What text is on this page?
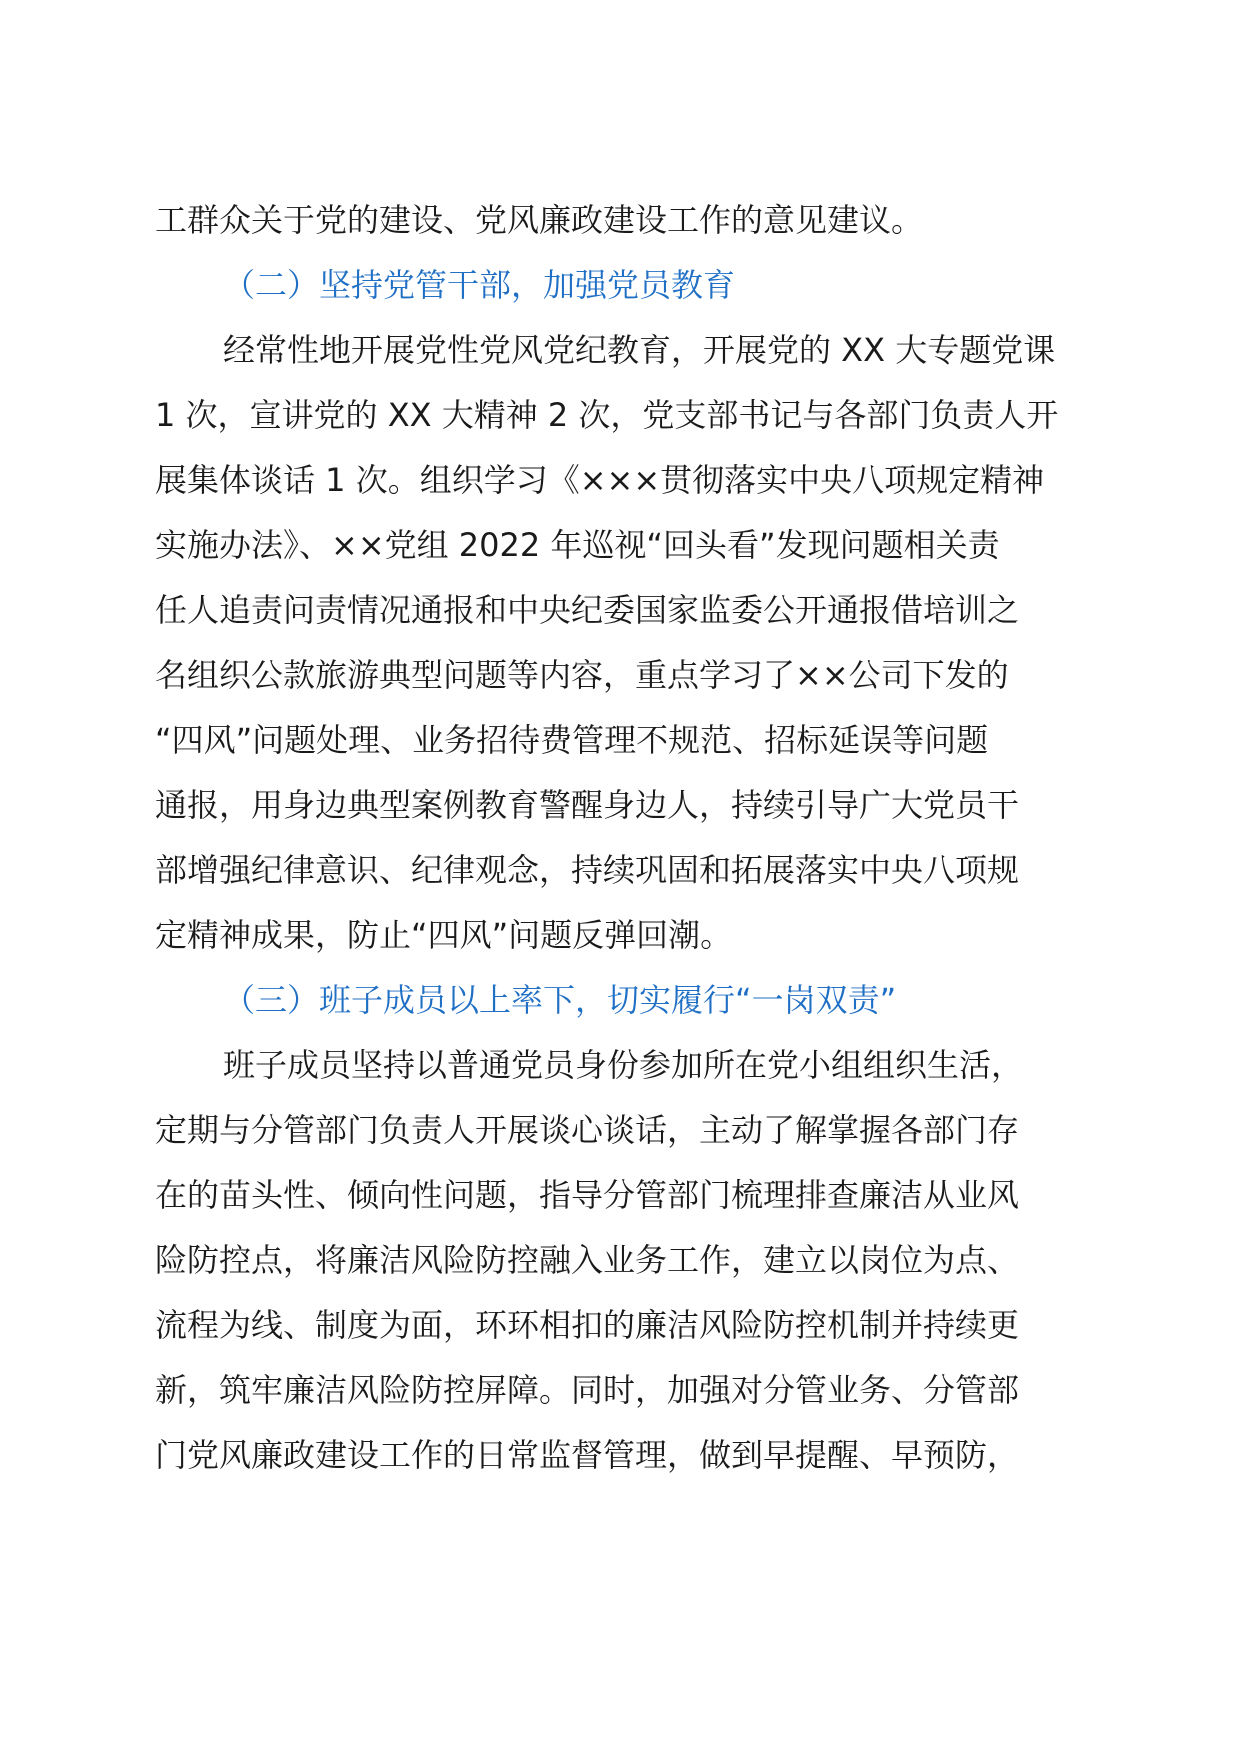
工群众关于党的建设、党风廉政建设工作的意见建议。

（二）坚持党管干部，加强党员教育

经常性地开展党性党风党纪教育，开展党的 XX 大专题党课
1 次，宣讲党的 XX 大精神 2 次，党支部书记与各部门负责人开
展集体谈话 1 次。组织学习《×××贯彻落实中央八项规定精神
实施办法》、××党组 2022 年巡视“回头看”发现问题相关责
任人追责问责情况通报和中央纪委国家监委公开通报借培训之
名组织公款旅游典型问题等内容，重点学习了××公司下发的
“四风”问题处理、业务招待费管理不规范、招标延误等问题
通报，用身边典型案例教育警醒身边人，持续引导广大党员干
部增强纪律意识、纪律观念，持续巩固和拓展落实中央八项规
定精神成果，防止“四风”问题反弹回潮。

（三）班子成员以上率下，切实履行“一岗双责”

班子成员坚持以普通党员身份参加所在党小组组织生活，
定期与分管部门负责人开展谈心谈话，主动了解掌握各部门存
在的苗头性、倾向性问题，指导分管部门梳理排查廉洁从业风
险防控点，将廉洁风险防控融入业务工作，建立以岗位为点、
流程为线、制度为面，环环相扣的廉洁风险防控机制并持续更
新，筑牢廉洁风险防控屏障。同时，加强对分管业务、分管部
门党风廉政建设工作的日常监督管理，做到早提醒、早预防，
